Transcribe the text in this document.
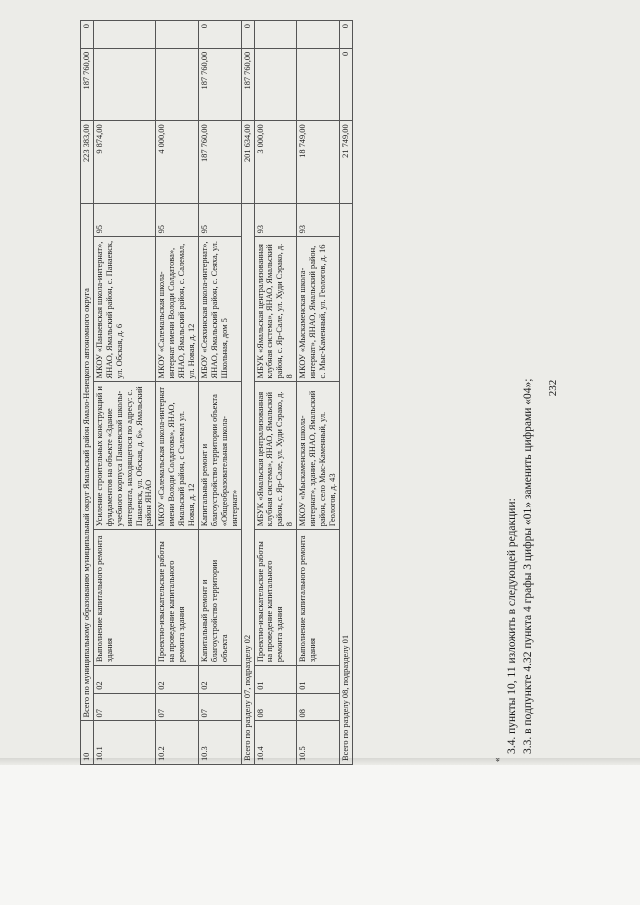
232
3.3. в подпункте 4.32 пункта 4 графы 3 цифры «01» заменить цифрами «04»;
3.4. пункты 10, 11 изложить в следующей редакции:
10	Всего по муниципальному образованию муниципальный округ Ямальский район Ямало-Ненецкого автономного округа						223 383,00	187 760,00	0
10.1	07	02	Выполнение капитального ремонта здания	Усиление строительных конструкций и фундаментов на объекте «Здание учебного корпуса Панаевской школы-интерната, находящегося по адресу: с. Панаевск, ул. Обская, д. 6», Ямальский район ЯНАО	МКОУ «Панаевская школа-интернат», ЯНАО, Ямальский район, с. Панаевск, ул. Обская, д. 6	95	9 874,00		
10.2	07	02	Проектно-изыскательские работы на проведение капитального ремонта здания	МКОУ «Салемальская школа-интернат имени Володи Солдатова», ЯНАО, Ямальский район, с Салемал ул. Новая, д. 12	МКОУ «Салемальская школа-интернат имени Володи Солдатова», ЯНАО, Ямальский район, с. Салемал, ул. Новая, д. 12	95	4 000,00		
10.3	07	02	Капитальный ремонт и благоустройство территории объекта	Капитальный ремонт и благоустройство территории объекта «Общеобразовательная школа-интернат»	МБОУ «Сеяхинская школа-интернат», ЯНАО, Ямальский район, с. Сеяха, ул. Школьная, дом 5	95	187 760,00	187 760,00	0
Всего по разделу 07, подразделу 02							201 634,00	187 760,00	0
10.4	08	01	Проектно-изыскательские работы на проведение капитального ремонта здания	МБУК «Ямальская централизованная клубная система», ЯНАО, Ямальский район, с. Яр-Сале, ул. Худи Сэрако, д. 8	МБУК «Ямальская централизованная клубная система», ЯНАО, Ямальский район, с. Яр-Сале, ул. Худи Сэрако, д. 8	93	3 000,00		
10.5	08	01	Выполнение капитального ремонта здания	МКОУ «Мыскаменская школа-интернат», здание, ЯНАО, Ямальский район, село Мыс-Каменный, ул. Геологов, д. 43	МКОУ «Мыскаменская школа-интернат», ЯНАО, Ямальский район, с. Мыс-Каменный, ул. Геологов, д. 16	93	18 749,00		
Всего по разделу 08, подразделу 01							21 749,00	0	0
«
